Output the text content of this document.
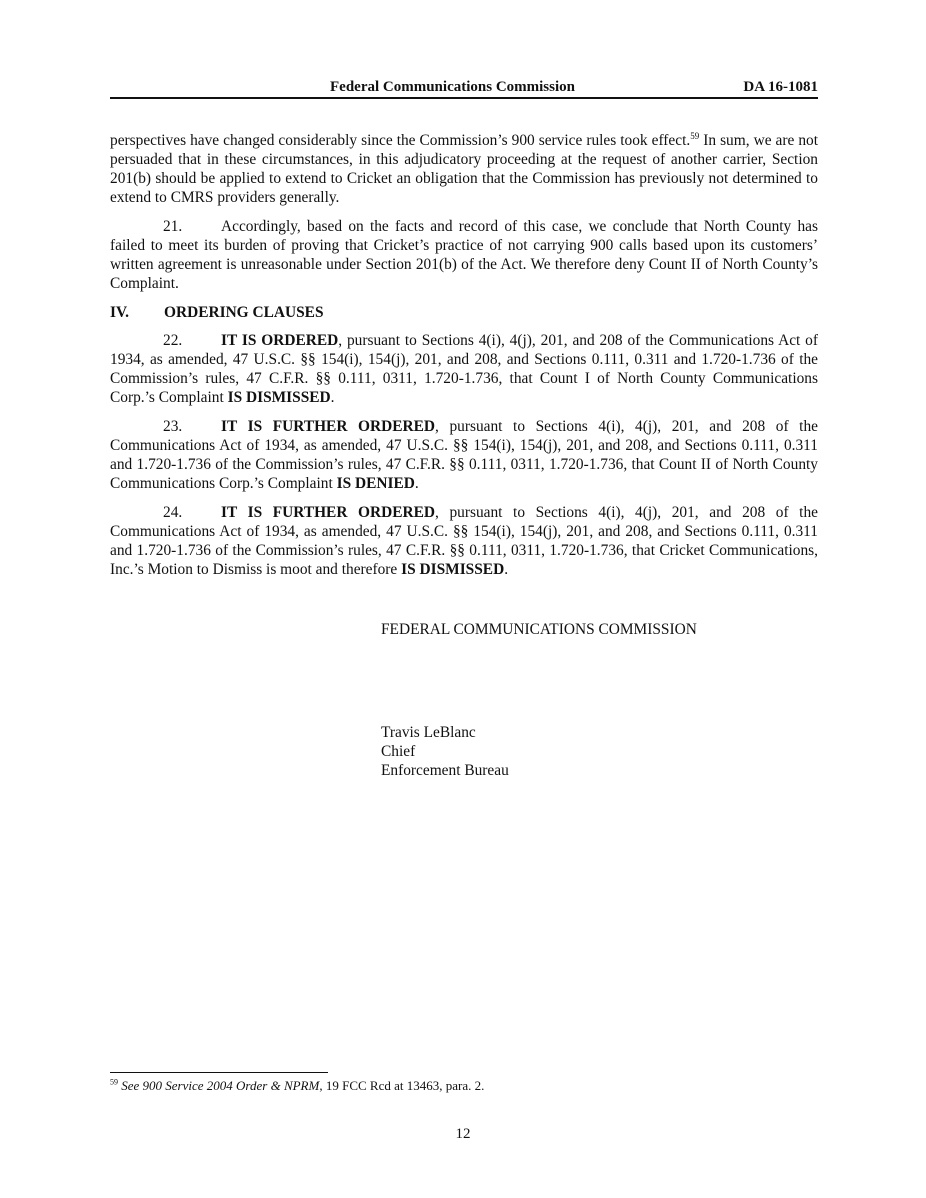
Federal Communications Commission	DA 16-1081

perspectives have changed considerably since the Commission’s 900 service rules took effect.$^{59}$ In sum, we are not persuaded that in these circumstances, in this adjudicatory proceeding at the request of another carrier, Section 201(b) should be applied to extend to Cricket an obligation that the Commission has previously not determined to extend to CMRS providers generally.

21.	Accordingly, based on the facts and record of this case, we conclude that North County has failed to meet its burden of proving that Cricket’s practice of not carrying 900 calls based upon its customers’ written agreement is unreasonable under Section 201(b) of the Act. We therefore deny Count II of North County’s Complaint.

IV. ORDERING CLAUSES

22.	IT IS ORDERED, pursuant to Sections 4(i), 4(j), 201, and 208 of the Communications Act of 1934, as amended, 47 U.S.C. §§ 154(i), 154(j), 201, and 208, and Sections 0.111, 0.311 and 1.720-1.736 of the Commission’s rules, 47 C.F.R. §§ 0.111, 0311, 1.720-1.736, that Count I of North County Communications Corp.’s Complaint IS DISMISSED.

23.	IT IS FURTHER ORDERED, pursuant to Sections 4(i), 4(j), 201, and 208 of the Communications Act of 1934, as amended, 47 U.S.C. §§ 154(i), 154(j), 201, and 208, and Sections 0.111, 0.311 and 1.720-1.736 of the Commission’s rules, 47 C.F.R. §§ 0.111, 0311, 1.720-1.736, that Count II of North County Communications Corp.’s Complaint IS DENIED.

24.	IT IS FURTHER ORDERED, pursuant to Sections 4(i), 4(j), 201, and 208 of the Communications Act of 1934, as amended, 47 U.S.C. §§ 154(i), 154(j), 201, and 208, and Sections 0.111, 0.311 and 1.720-1.736 of the Commission’s rules, 47 C.F.R. §§ 0.111, 0311, 1.720-1.736, that Cricket Communications, Inc.’s Motion to Dismiss is moot and therefore IS DISMISSED.

FEDERAL COMMUNICATIONS COMMISSION
Travis LeBlanc
Chief
Enforcement Bureau
$^{59}$ See 900 Service 2004 Order & NPRM, 19 FCC Rcd at 13463, para. 2.
12
